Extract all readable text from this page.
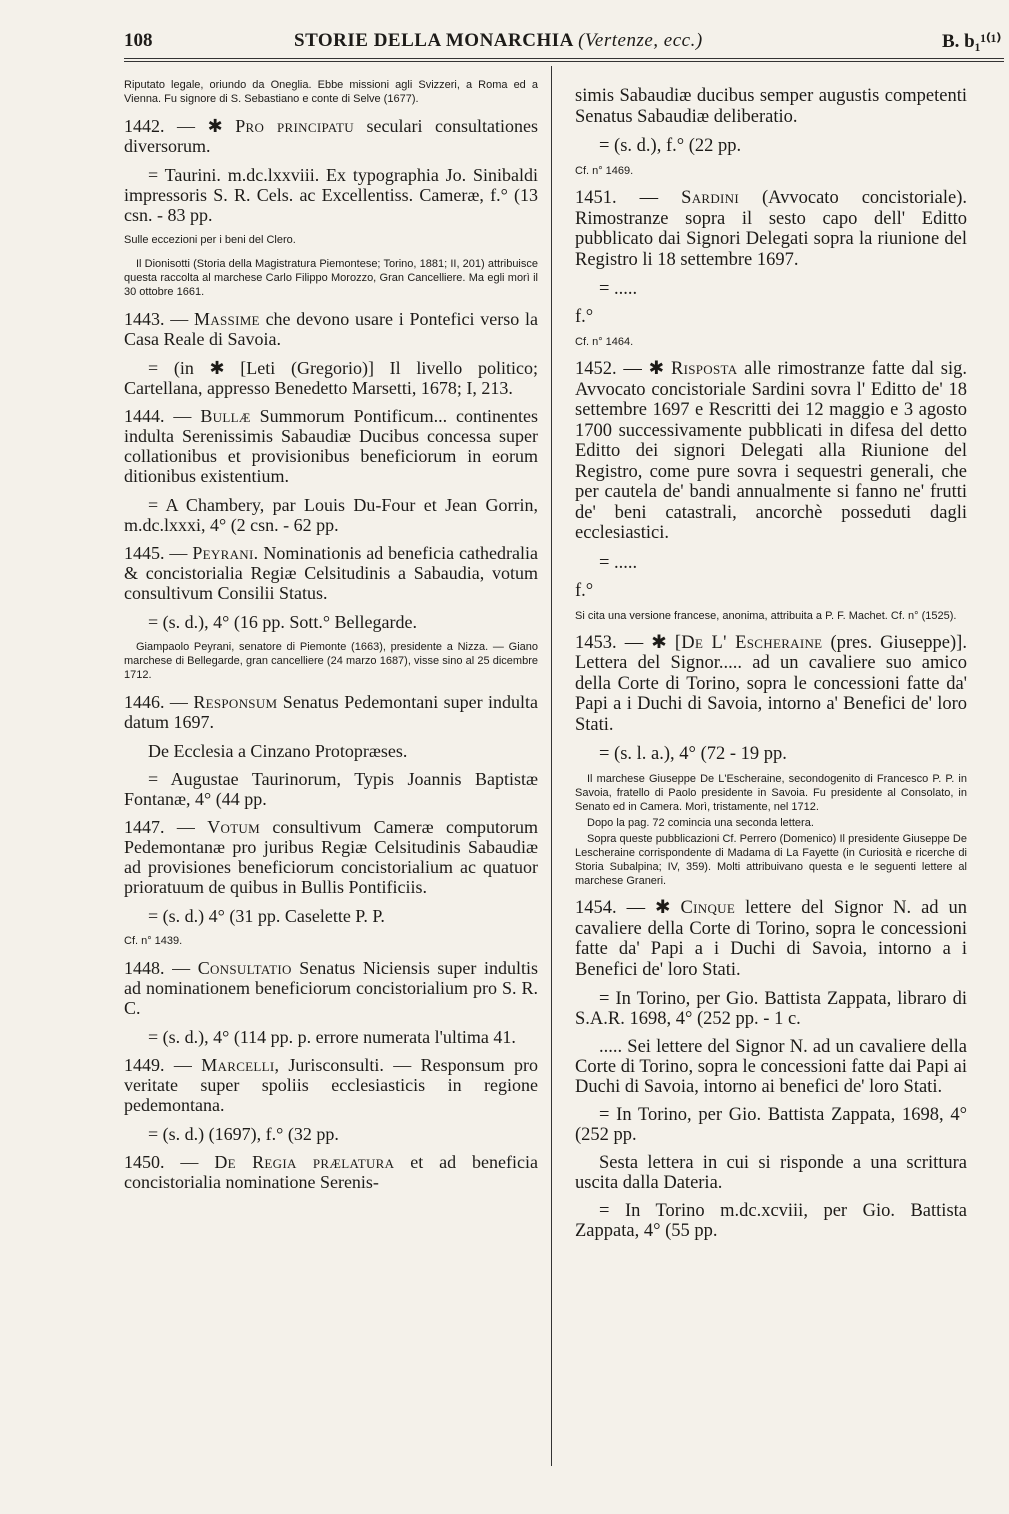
108	STORIE DELLA MONARCHIA (Vertenze, ecc.)	B. b₁¹⁽¹⁾

Riputato legale, oriundo da Oneglia. Ebbe missioni agli Svizzeri, a Roma ed a Vienna. Fu signore di S. Sebastiano e conte di Selve (1677).

1442. — ✱ Pro principatu seculari consultationes diversorum.

= Taurini. m.dc.lxxviii. Ex typographia Jo. Sinibaldi impressoris S. R. Cels. ac Excellentiss. Cameræ, f.° (13 csn. - 83 pp.

Sulle eccezioni per i beni del Clero.

Il Dionisotti (Storia della Magistratura Piemontese; Torino, 1881; II, 201) attribuisce questa raccolta al marchese Carlo Filippo Morozzo, Gran Cancelliere. Ma egli morì il 30 ottobre 1661.

1443. — Massime che devono usare i Pontefici verso la Casa Reale di Savoia.

= (in ✱ [Leti (Gregorio)] Il livello politico; Cartellana, appresso Benedetto Marsetti, 1678; I, 213.

1444. — Bullæ Summorum Pontificum... continentes indulta Serenissimis Sabaudiæ Ducibus concessa super collationibus et provisionibus beneficiorum in eorum ditionibus existentium.

= A Chambery, par Louis Du-Four et Jean Gorrin, m.dc.lxxxi, 4° (2 csn. - 62 pp.

1445. — Peyrani. Nominationis ad beneficia cathedralia & concistorialia Regiæ Celsitudinis a Sabaudia, votum consultivum Consilii Status.

= (s. d.), 4° (16 pp. Sott.° Bellegarde.

Giampaolo Peyrani, senatore di Piemonte (1663), presidente a Nizza. — Giano marchese di Bellegarde, gran cancelliere (24 marzo 1687), visse sino al 25 dicembre 1712.

1446. — Responsum Senatus Pedemontani super indulta datum 1697.

De Ecclesia a Cinzano Protopræses.

= Augustae Taurinorum, Typis Joannis Baptistæ Fontanæ, 4° (44 pp.

1447. — Votum consultivum Cameræ computorum Pedemontanæ pro juribus Regiæ Celsitudinis Sabaudiæ ad provisiones beneficiorum concistorialium ac quatuor prioratuum de quibus in Bullis Pontificiis.

= (s. d.) 4° (31 pp. Caselette P. P.

Cf. n° 1439.

1448. — Consultatio Senatus Niciensis super indultis ad nominationem beneficiorum concistorialium pro S. R. C.

= (s. d.), 4° (114 pp. p. errore numerata l'ultima 41.

1449. — Marcelli, Jurisconsulti. — Responsum pro veritate super spoliis ecclesiasticis in regione pedemontana.

= (s. d.) (1697), f.° (32 pp.

1450. — De Regia prælatura et ad beneficia concistorialia nominatione Serenis-

simis Sabaudiæ ducibus semper augustis competenti Senatus Sabaudiæ deliberatio.

= (s. d.), f.° (22 pp.

Cf. n° 1469.

1451. — Sardini (Avvocato concistoriale). Rimostranze sopra il sesto capo dell' Editto pubblicato dai Signori Delegati sopra la riunione del Registro li 18 settembre 1697.

= .....

f.°

Cf. n° 1464.

1452. — ✱ Risposta alle rimostranze fatte dal sig. Avvocato concistoriale Sardini sovra l' Editto de' 18 settembre 1697 e Rescritti dei 12 maggio e 3 agosto 1700 successivamente pubblicati in difesa del detto Editto dei signori Delegati alla Riunione del Registro, come pure sovra i sequestri generali, che per cautela de' bandi annualmente si fanno ne' frutti de' beni catastrali, ancorchè posseduti dagli ecclesiastici.

= .....

f.°

Si cita una versione francese, anonima, attribuita a P. F. Machet. Cf. n° (1525).

1453. — ✱ [De L' Escheraine (pres. Giuseppe)]. Lettera del Signor..... ad un cavaliere suo amico della Corte di Torino, sopra le concessioni fatte da' Papi a i Duchi di Savoia, intorno a' Benefici de' loro Stati.

= (s. l. a.), 4° (72 - 19 pp.

Il marchese Giuseppe De L'Escheraine, secondogenito di Francesco P. P. in Savoia, fratello di Paolo presidente in Savoia. Fu presidente al Consolato, in Senato ed in Camera. Morì, tristamente, nel 1712.

Dopo la pag. 72 comincia una seconda lettera.

Sopra queste pubblicazioni Cf. Perrero (Domenico) Il presidente Giuseppe De Lescheraine corrispondente di Madama di La Fayette (in Curiosità e ricerche di Storia Subalpina; IV, 359). Molti attribuivano questa e le seguenti lettere al marchese Graneri.

1454. — ✱ Cinque lettere del Signor N. ad un cavaliere della Corte di Torino, sopra le concessioni fatte da' Papi a i Duchi di Savoia, intorno a i Benefici de' loro Stati.

= In Torino, per Gio. Battista Zappata, libraro di S.A.R. 1698, 4° (252 pp. - 1 c.

..... Sei lettere del Signor N. ad un cavaliere della Corte di Torino, sopra le concessioni fatte dai Papi ai Duchi di Savoia, intorno ai benefici de' loro Stati.

= In Torino, per Gio. Battista Zappata, 1698, 4° (252 pp.

Sesta lettera in cui si risponde a una scrittura uscita dalla Dateria.

= In Torino m.dc.xcviii, per Gio. Battista Zappata, 4° (55 pp.
